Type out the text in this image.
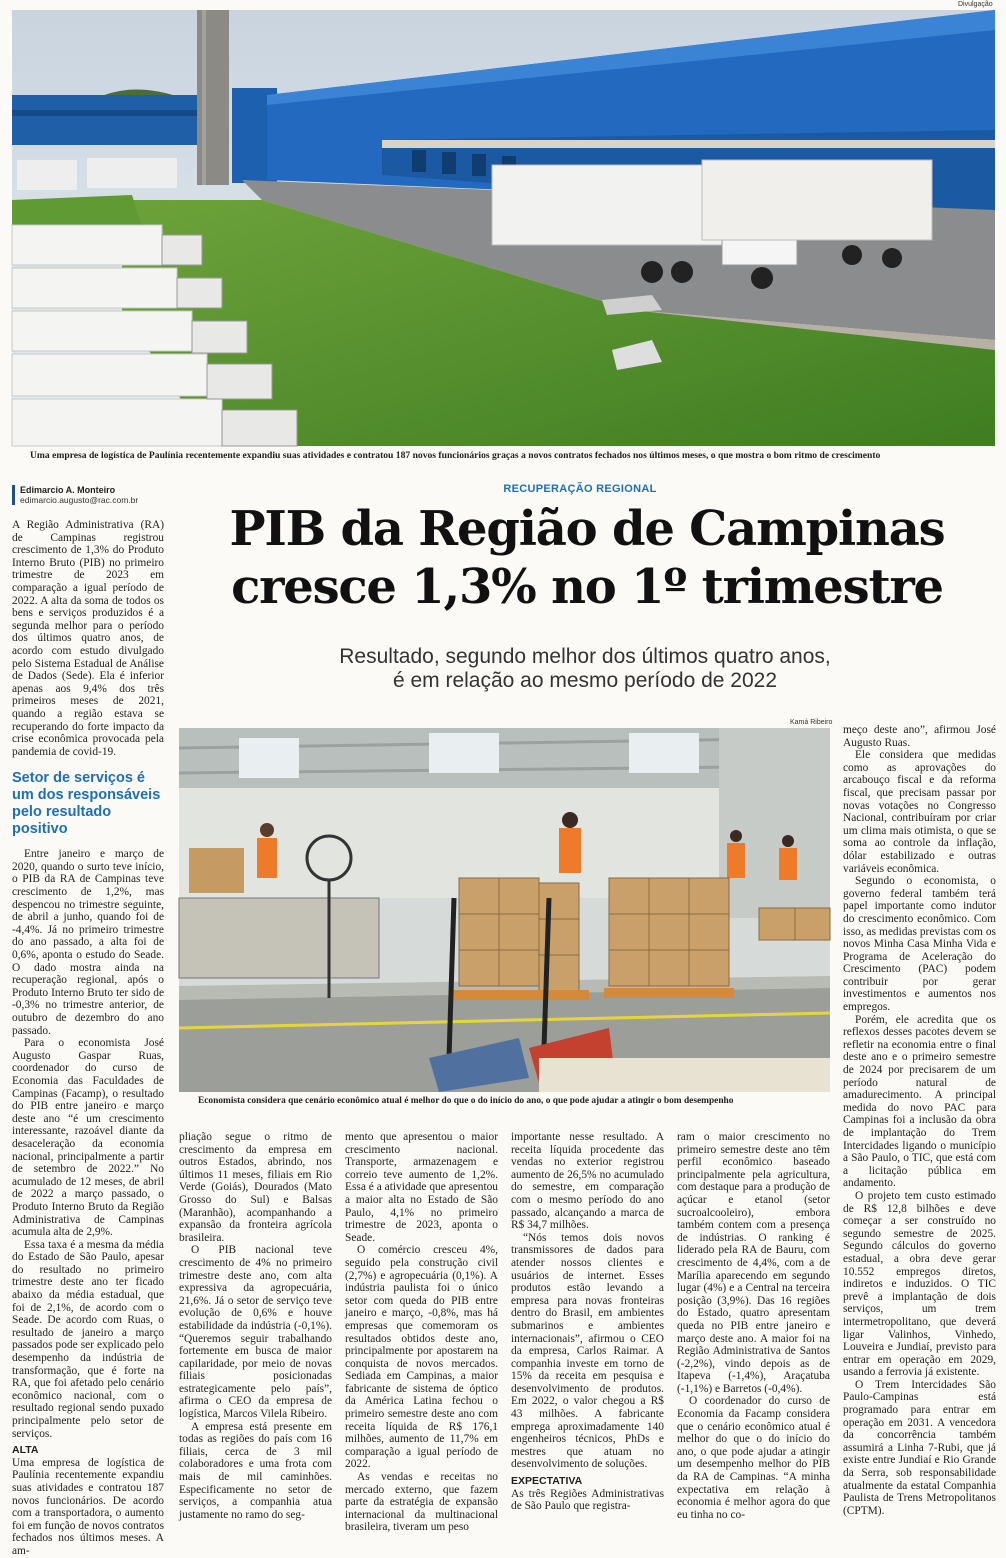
Divulgação
Uma empresa de logística de Paulínia recentemente expandiu suas atividades e contratou 187 novos funcionários graças a novos contratos fechados nos últimos meses, o que mostra o bom ritmo de crescimento
Edimarcio A. Monteiro
edimarcio.augusto@rac.com.br
RECUPERAÇÃO REGIONAL
PIB da Região de Campinas cresce 1,3% no 1º trimestre
Resultado, segundo melhor dos últimos quatro anos,
é em relação ao mesmo período de 2022

A Região Administrativa (RA) de Campinas registrou crescimento de 1,3% do Produto Interno Bruto (PIB) no primeiro trimestre de 2023 em comparação a igual período de 2022. A alta da soma de todos os bens e serviços produzidos é a segunda melhor para o período dos últimos quatro anos, de acordo com estudo divulgado pelo Sistema Estadual de Análise de Dados (Sede). Ela é inferior apenas aos 9,4% dos três primeiros meses de 2021, quando a região estava se recuperando do forte impacto da crise econômica provocada pela pandemia de covid-19.

Setor de serviços é um dos responsáveis pelo resultado positivo

Entre janeiro e março de 2020, quando o surto teve início, o PIB da RA de Campinas teve crescimento de 1,2%, mas despencou no trimestre seguinte, de abril a junho, quando foi de -4,4%. Já no primeiro trimestre do ano passado, a alta foi de 0,6%, aponta o estudo do Seade. O dado mostra ainda na recuperação regional, após o Produto Interno Bruto ter sido de -0,3% no trimestre anterior, de outubro de dezembro do ano passado.

Para o economista José Augusto Gaspar Ruas, coordenador do curso de Economia das Faculdades de Campinas (Facamp), o resultado do PIB entre janeiro e março deste ano “é um crescimento interessante, razoável diante da desaceleração da economia nacional, principalmente a partir de setembro de 2022.” No acumulado de 12 meses, de abril de 2022 a março passado, o Produto Interno Bruto da Região Administrativa de Campinas acumula alta de 2,9%.

Essa taxa é a mesma da média do Estado de São Paulo, apesar do resultado no primeiro trimestre deste ano ter ficado abaixo da média estadual, que foi de 2,1%, de acordo com o Seade. De acordo com Ruas, o resultado de janeiro a março passados pode ser explicado pelo desempenho da indústria de transformação, que é forte na RA, que foi afetado pelo cenário econômico nacional, com o resultado regional sendo puxado principalmente pelo setor de serviços.

ALTA

Uma empresa de logística de Paulínia recentemente expandiu suas atividades e contratou 187 novos funcionários. De acordo com a transportadora, o aumento foi em função de novos contratos fechados nos últimos meses. A am-

Kamá Ribeiro
Economista considera que cenário econômico atual é melhor do que o do início do ano, o que pode ajudar a atingir o bom desempenho

pliação segue o ritmo de crescimento da empresa em outros Estados, abrindo, nos últimos 11 meses, filiais em Rio Verde (Goiás), Dourados (Mato Grosso do Sul) e Balsas (Maranhão), acompanhando a expansão da fronteira agrícola brasileira.

O PIB nacional teve crescimento de 4% no primeiro trimestre deste ano, com alta expressiva da agropecuária, 21,6%. Já o setor de serviço teve evolução de 0,6% e houve estabilidade da indústria (-0,1%). “Queremos seguir trabalhando fortemente em busca de maior capilaridade, por meio de novas filiais posicionadas estrategicamente pelo país”, afirma o CEO da empresa de logística, Marcos Vilela Ribeiro.

A empresa está presente em todas as regiões do país com 16 filiais, cerca de 3 mil colaboradores e uma frota com mais de mil caminhões. Especificamente no setor de serviços, a companhia atua justamente no ramo do seg-

mento que apresentou o maior crescimento nacional. Transporte, armazenagem e correio teve aumento de 1,2%. Essa é a atividade que apresentou a maior alta no Estado de São Paulo, 4,1% no primeiro trimestre de 2023, aponta o Seade.

O comércio cresceu 4%, seguido pela construção civil (2,7%) e agropecuária (0,1%). A indústria paulista foi o único setor com queda do PIB entre janeiro e março, -0,8%, mas há empresas que comemoram os resultados obtidos deste ano, principalmente por apostarem na conquista de novos mercados. Sediada em Campinas, a maior fabricante de sistema de óptico da América Latina fechou o primeiro semestre deste ano com receita líquida de R$ 176,1 milhões, aumento de 11,7% em comparação a igual período de 2022.

As vendas e receitas no mercado externo, que fazem parte da estratégia de expansão internacional da multinacional brasileira, tiveram um peso

importante nesse resultado. A receita líquida procedente das vendas no exterior registrou aumento de 26,5% no acumulado do semestre, em comparação com o mesmo período do ano passado, alcançando a marca de R$ 34,7 milhões.

“Nós temos dois novos transmissores de dados para atender nossos clientes e usuários de internet. Esses produtos estão levando a empresa para novas fronteiras dentro do Brasil, em ambientes submarinos e ambientes internacionais”, afirmou o CEO da empresa, Carlos Raimar. A companhia investe em torno de 15% da receita em pesquisa e desenvolvimento de produtos. Em 2022, o valor chegou a R$ 43 milhões. A fabricante emprega aproximadamente 140 engenheiros técnicos, PhDs e mestres que atuam no desenvolvimento de soluções.

EXPECTATIVA

As três Regiões Administrativas de São Paulo que registra-

ram o maior crescimento no primeiro semestre deste ano têm perfil econômico baseado principalmente pela agricultura, com destaque para a produção de açúcar e etanol (setor sucroalcooleiro), embora também contem com a presença de indústrias. O ranking é liderado pela RA de Bauru, com crescimento de 4,4%, com a de Marília aparecendo em segundo lugar (4%) e a Central na terceira posição (3,9%). Das 16 regiões do Estado, quatro apresentam queda no PIB entre janeiro e março deste ano. A maior foi na Região Administrativa de Santos (-2,2%), vindo depois as de Itapeva (-1,4%), Araçatuba (-1,1%) e Barretos (-0,4%).

O coordenador do curso de Economia da Facamp considera que o cenário econômico atual é melhor do que o do início do ano, o que pode ajudar a atingir um desempenho melhor do PIB da RA de Campinas. “A minha expectativa em relação à economia é melhor agora do que eu tinha no co-

meço deste ano”, afirmou José Augusto Ruas.

Ele considera que medidas como as aprovações do arcabouço fiscal e da reforma fiscal, que precisam passar por novas votações no Congresso Nacional, contribuíram por criar um clima mais otimista, o que se soma ao controle da inflação, dólar estabilizado e outras variáveis econômica.

Segundo o economista, o governo federal também terá papel importante como indutor do crescimento econômico. Com isso, as medidas previstas com os novos Minha Casa Minha Vida e Programa de Aceleração do Crescimento (PAC) podem contribuir por gerar investimentos e aumentos nos empregos.

Porém, ele acredita que os reflexos desses pacotes devem se refletir na economia entre o final deste ano e o primeiro semestre de 2024 por precisarem de um período natural de amadurecimento. A principal medida do novo PAC para Campinas foi a inclusão da obra de implantação do Trem Intercidades ligando o município a São Paulo, o TIC, que está com a licitação pública em andamento.

O projeto tem custo estimado de R$ 12,8 bilhões e deve começar a ser construído no segundo semestre de 2025. Segundo cálculos do governo estadual, a obra deve gerar 10.552 empregos diretos, indiretos e induzidos. O TIC prevê a implantação de dois serviços, um trem intermetropolitano, que deverá ligar Valinhos, Vinhedo, Louveira e Jundiaí, previsto para entrar em operação em 2029, usando a ferrovia já existente.

O Trem Intercidades São Paulo-Campinas está programado para entrar em operação em 2031. A vencedora da concorrência também assumirá a Linha 7-Rubi, que já existe entre Jundiaí e Rio Grande da Serra, sob responsabilidade atualmente da estatal Companhia Paulista de Trens Metropolitanos (CPTM).
